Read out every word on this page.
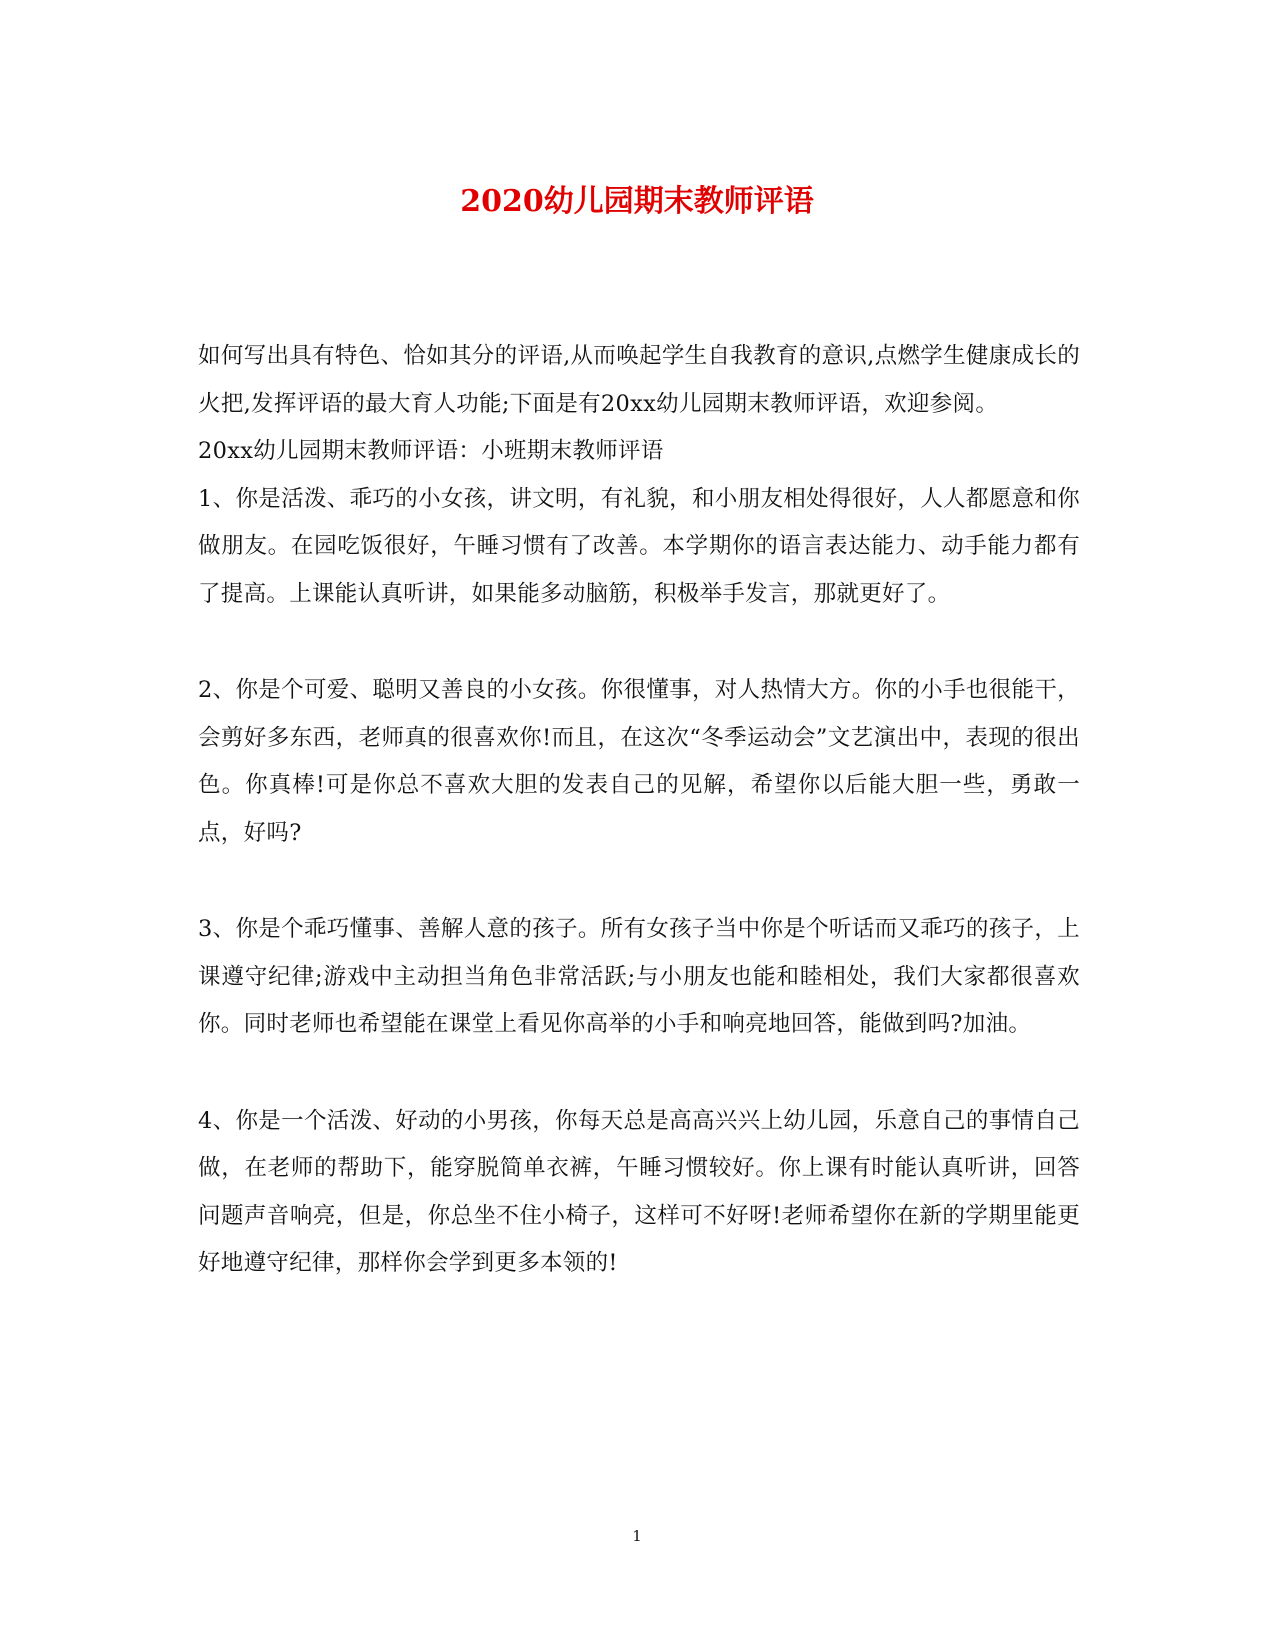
2020幼儿园期末教师评语

如何写出具有特色、恰如其分的评语,从而唤起学生自我教育的意识,点燃学生健康成长的火把,发挥评语的最大育人功能;下面是有20xx幼儿园期末教师评语，欢迎参阅。

20xx幼儿园期末教师评语：小班期末教师评语

1、你是活泼、乖巧的小女孩，讲文明，有礼貌，和小朋友相处得很好，人人都愿意和你做朋友。在园吃饭很好，午睡习惯有了改善。本学期你的语言表达能力、动手能力都有了提高。上课能认真听讲，如果能多动脑筋，积极举手发言，那就更好了。

2、你是个可爱、聪明又善良的小女孩。你很懂事，对人热情大方。你的小手也很能干，会剪好多东西，老师真的很喜欢你!而且，在这次“冬季运动会”文艺演出中，表现的很出色。你真棒!可是你总不喜欢大胆的发表自己的见解，希望你以后能大胆一些，勇敢一点，好吗?

3、你是个乖巧懂事、善解人意的孩子。所有女孩子当中你是个听话而又乖巧的孩子，上课遵守纪律;游戏中主动担当角色非常活跃;与小朋友也能和睦相处，我们大家都很喜欢你。同时老师也希望能在课堂上看见你高举的小手和响亮地回答，能做到吗?加油。

4、你是一个活泼、好动的小男孩，你每天总是高高兴兴上幼儿园，乐意自己的事情自己做，在老师的帮助下，能穿脱简单衣裤，午睡习惯较好。你上课有时能认真听讲，回答问题声音响亮，但是，你总坐不住小椅子，这样可不好呀!老师希望你在新的学期里能更好地遵守纪律，那样你会学到更多本领的!

1
